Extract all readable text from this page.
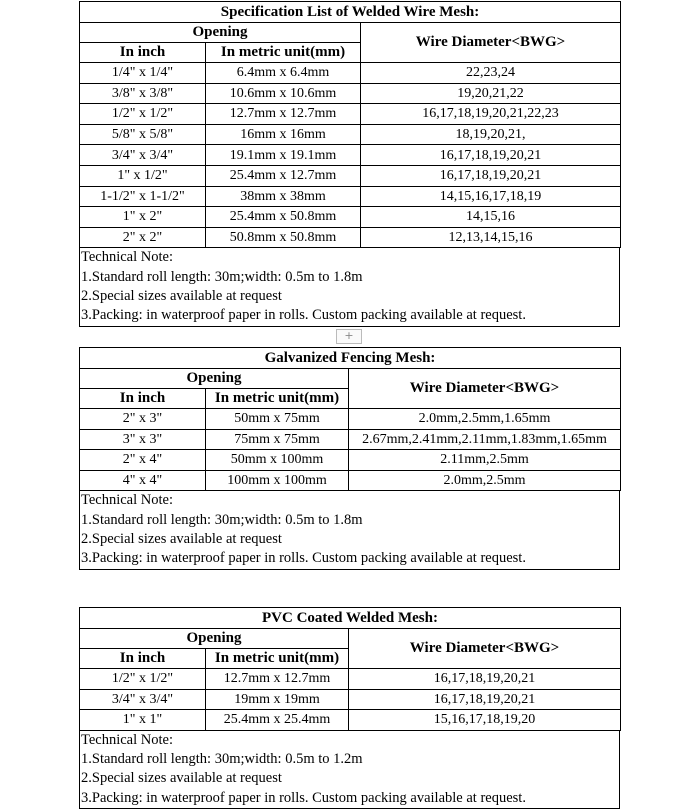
Specification List of Welded Wire Mesh:		
Opening		Wire Diameter<BWG>
In inch	In metric unit(mm)	
1/4" x 1/4"	6.4mm x 6.4mm	22,23,24
3/8" x 3/8"	10.6mm x 10.6mm	19,20,21,22
1/2" x 1/2"	12.7mm x 12.7mm	16,17,18,19,20,21,22,23
5/8" x 5/8"	16mm x 16mm	18,19,20,21,
3/4" x 3/4"	19.1mm x 19.1mm	16,17,18,19,20,21
1" x 1/2"	25.4mm x 12.7mm	16,17,18,19,20,21
1-1/2" x 1-1/2"	38mm x 38mm	14,15,16,17,18,19
1" x 2"	25.4mm x 50.8mm	14,15,16
2" x 2"	50.8mm x 50.8mm	12,13,14,15,16
Technical Note:
1.Standard roll length: 30m;width: 0.5m to 1.8m
2.Special sizes available at request
3.Packing: in waterproof paper in rolls. Custom packing available at request.
+
Galvanized Fencing Mesh:		
Opening		Wire Diameter<BWG>
In inch	In metric unit(mm)	
2" x 3"	50mm x 75mm	2.0mm,2.5mm,1.65mm
3" x 3"	75mm x 75mm	2.67mm,2.41mm,2.11mm,1.83mm,1.65mm
2" x 4"	50mm x 100mm	2.11mm,2.5mm
4" x 4"	100mm x 100mm	2.0mm,2.5mm
Technical Note:
1.Standard roll length: 30m;width: 0.5m to 1.8m
2.Special sizes available at request
3.Packing: in waterproof paper in rolls. Custom packing available at request.
PVC Coated Welded Mesh:		
Opening		Wire Diameter<BWG>
In inch	In metric unit(mm)	
1/2" x 1/2"	12.7mm x 12.7mm	16,17,18,19,20,21
3/4" x 3/4"	19mm x 19mm	16,17,18,19,20,21
1" x 1"	25.4mm x 25.4mm	15,16,17,18,19,20
Technical Note:
1.Standard roll length: 30m;width: 0.5m to 1.2m
2.Special sizes available at request
3.Packing: in waterproof paper in rolls. Custom packing available at request.
